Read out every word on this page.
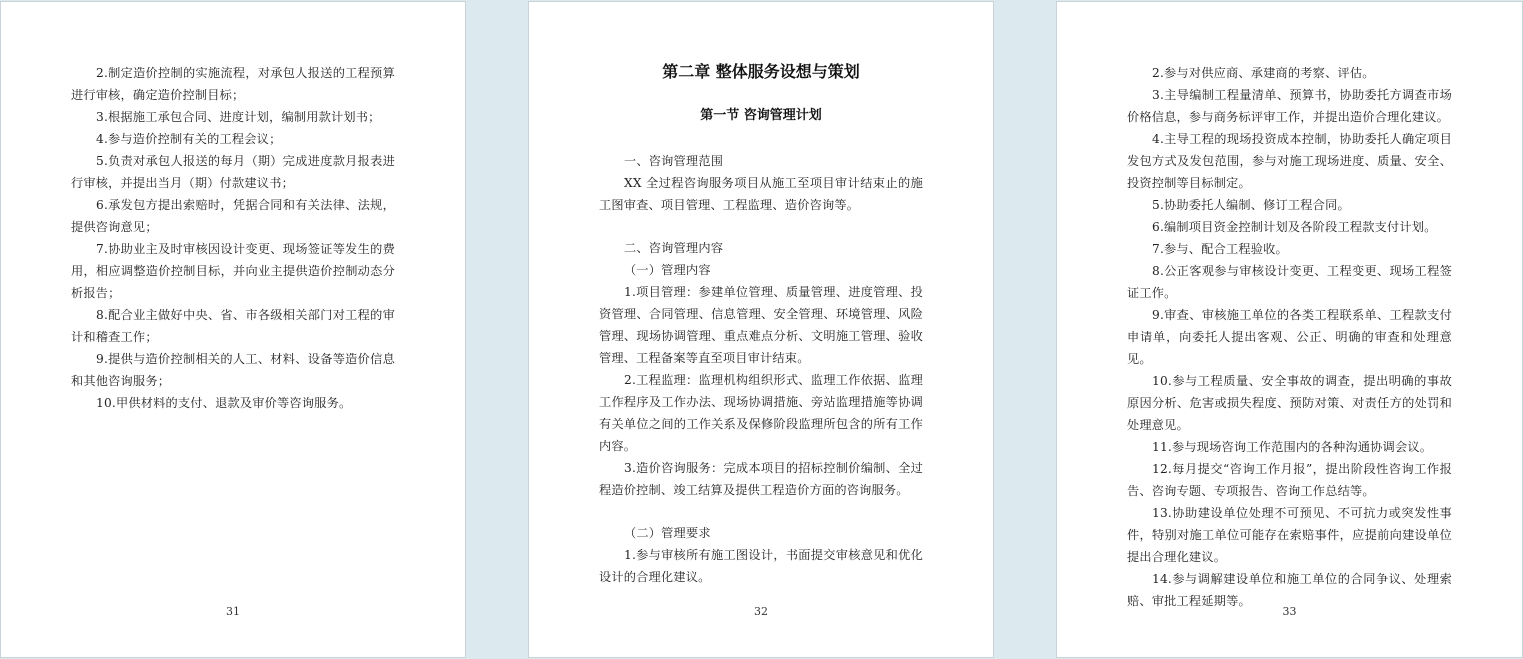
2.制定造价控制的实施流程，对承包人报送的工程预算进行审核，确定造价控制目标；

3.根据施工承包合同、进度计划，编制用款计划书；

4.参与造价控制有关的工程会议；

5.负责对承包人报送的每月（期）完成进度款月报表进行审核，并提出当月（期）付款建议书；

6.承发包方提出索赔时，凭据合同和有关法律、法规，提供咨询意见；

7.协助业主及时审核因设计变更、现场签证等发生的费用，相应调整造价控制目标，并向业主提供造价控制动态分析报告；

8.配合业主做好中央、省、市各级相关部门对工程的审计和稽查工作；

9.提供与造价控制相关的人工、材料、设备等造价信息和其他咨询服务；

10.甲供材料的支付、退款及审价等咨询服务。

31

第二章 整体服务设想与策划

第一节 咨询管理计划

一、咨询管理范围

XX 全过程咨询服务项目从施工至项目审计结束止的施工图审查、项目管理、工程监理、造价咨询等。

二、咨询管理内容

（一）管理内容

1.项目管理：参建单位管理、质量管理、进度管理、投资管理、合同管理、信息管理、安全管理、环境管理、风险管理、现场协调管理、重点难点分析、文明施工管理、验收管理、工程备案等直至项目审计结束。

2.工程监理：监理机构组织形式、监理工作依据、监理工作程序及工作办法、现场协调措施、旁站监理措施等协调有关单位之间的工作关系及保修阶段监理所包含的所有工作内容。

3.造价咨询服务：完成本项目的招标控制价编制、全过程造价控制、竣工结算及提供工程造价方面的咨询服务。

（二）管理要求

1.参与审核所有施工图设计，书面提交审核意见和优化设计的合理化建议。

32

2.参与对供应商、承建商的考察、评估。

3.主导编制工程量清单、预算书，协助委托方调查市场价格信息，参与商务标评审工作，并提出造价合理化建议。

4.主导工程的现场投资成本控制，协助委托人确定项目发包方式及发包范围，参与对施工现场进度、质量、安全、投资控制等目标制定。

5.协助委托人编制、修订工程合同。

6.编制项目资金控制计划及各阶段工程款支付计划。

7.参与、配合工程验收。

8.公正客观参与审核设计变更、工程变更、现场工程签证工作。

9.审查、审核施工单位的各类工程联系单、工程款支付申请单，向委托人提出客观、公正、明确的审查和处理意见。

10.参与工程质量、安全事故的调查，提出明确的事故原因分析、危害或损失程度、预防对策、对责任方的处罚和处理意见。

11.参与现场咨询工作范围内的各种沟通协调会议。

12.每月提交“咨询工作月报”，提出阶段性咨询工作报告、咨询专题、专项报告、咨询工作总结等。

13.协助建设单位处理不可预见、不可抗力或突发性事件，特别对施工单位可能存在索赔事件，应提前向建设单位提出合理化建议。

14.参与调解建设单位和施工单位的合同争议、处理索赔、审批工程延期等。

33
